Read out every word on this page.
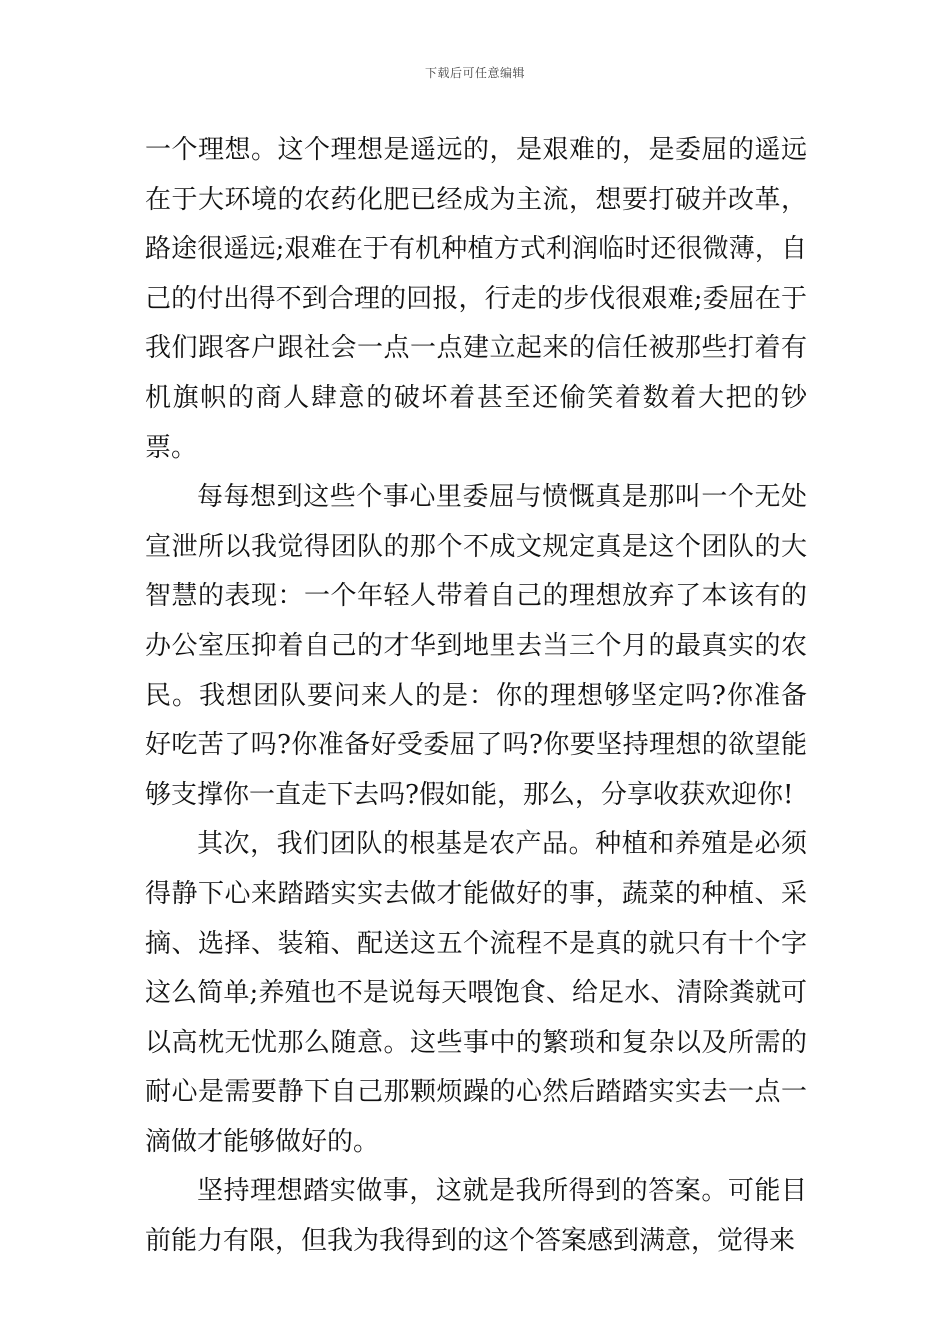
下载后可任意编辑

一个理想。这个理想是遥远的，是艰难的，是委屈的遥远在于大环境的农药化肥已经成为主流，想要打破并改革，路途很遥远;艰难在于有机种植方式利润临时还很微薄，自己的付出得不到合理的回报，行走的步伐很艰难;委屈在于我们跟客户跟社会一点一点建立起来的信任被那些打着有机旗帜的商人肆意的破坏着甚至还偷笑着数着大把的钞票。

每每想到这些个事心里委屈与愤慨真是那叫一个无处宣泄所以我觉得团队的那个不成文规定真是这个团队的大智慧的表现：一个年轻人带着自己的理想放弃了本该有的办公室压抑着自己的才华到地里去当三个月的最真实的农民。我想团队要问来人的是：你的理想够坚定吗?你准备好吃苦了吗?你准备好受委屈了吗?你要坚持理想的欲望能够支撑你一直走下去吗?假如能，那么，分享收获欢迎你!

其次，我们团队的根基是农产品。种植和养殖是必须得静下心来踏踏实实去做才能做好的事，蔬菜的种植、采摘、选择、装箱、配送这五个流程不是真的就只有十个字这么简单;养殖也不是说每天喂饱食、给足水、清除粪就可以高枕无忧那么随意。这些事中的繁琐和复杂以及所需的耐心是需要静下自己那颗烦躁的心然后踏踏实实去一点一滴做才能够做好的。

坚持理想踏实做事，这就是我所得到的答案。可能目前能力有限，但我为我得到的这个答案感到满意，觉得来
